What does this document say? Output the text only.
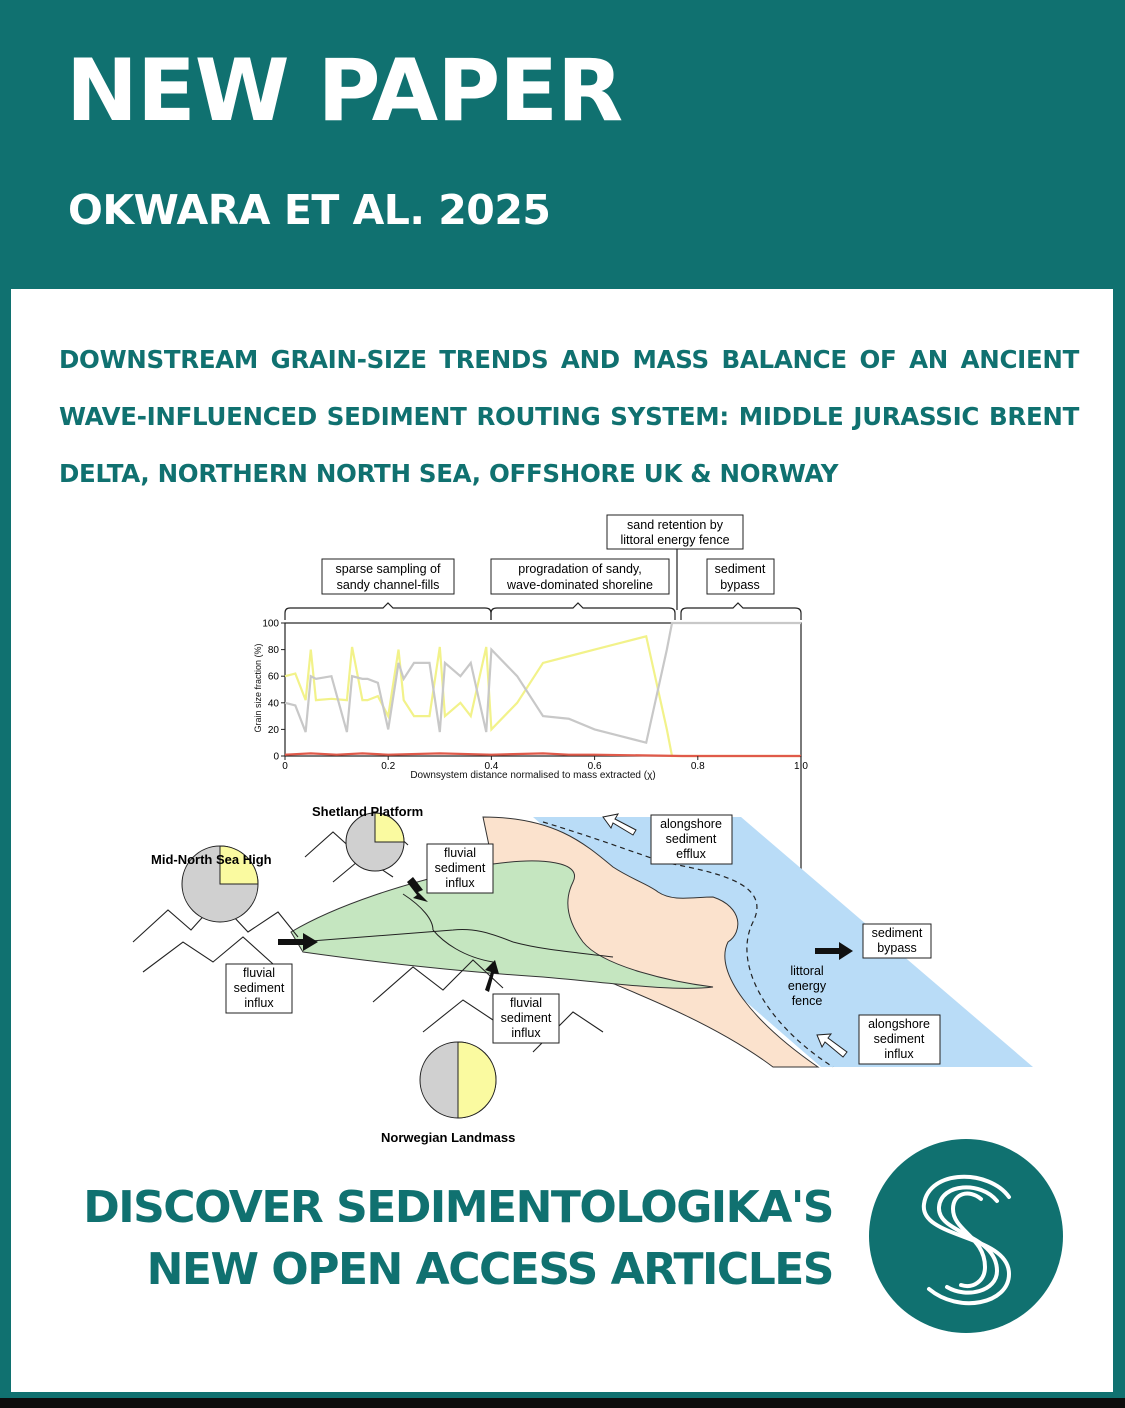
NEW PAPER
OKWARA ET AL. 2025

DOWNSTREAM GRAIN-SIZE TRENDS AND MASS BALANCE OF AN ANCIENT WAVE-INFLUENCED SEDIMENT ROUTING SYSTEM: MIDDLE JURASSIC BRENT DELTA, NORTHERN NORTH SEA, OFFSHORE UK & NORWAY

0	0.2	0.4	0.6	0.8	1.0
0
20
40
60
80
100
Downsystem distance normalised to mass extracted (χ)
Grain size fraction (%)
sand retention by
littoral energy fence
sparse sampling of
sandy channel-fills
progradation of sandy,
wave-dominated shoreline
sediment
bypass
Shetland Platform
Mid-North Sea High
Norwegian Landmass
fluvial
sediment
influx
fluvial
sediment
influx	fluvial
sediment
influx
alongshore
sediment
efflux
sediment
bypass
alongshore
sediment
influx
littoral
energy
fence
DISCOVER SEDIMENTOLOGIKA'S
NEW OPEN ACCESS ARTICLES
